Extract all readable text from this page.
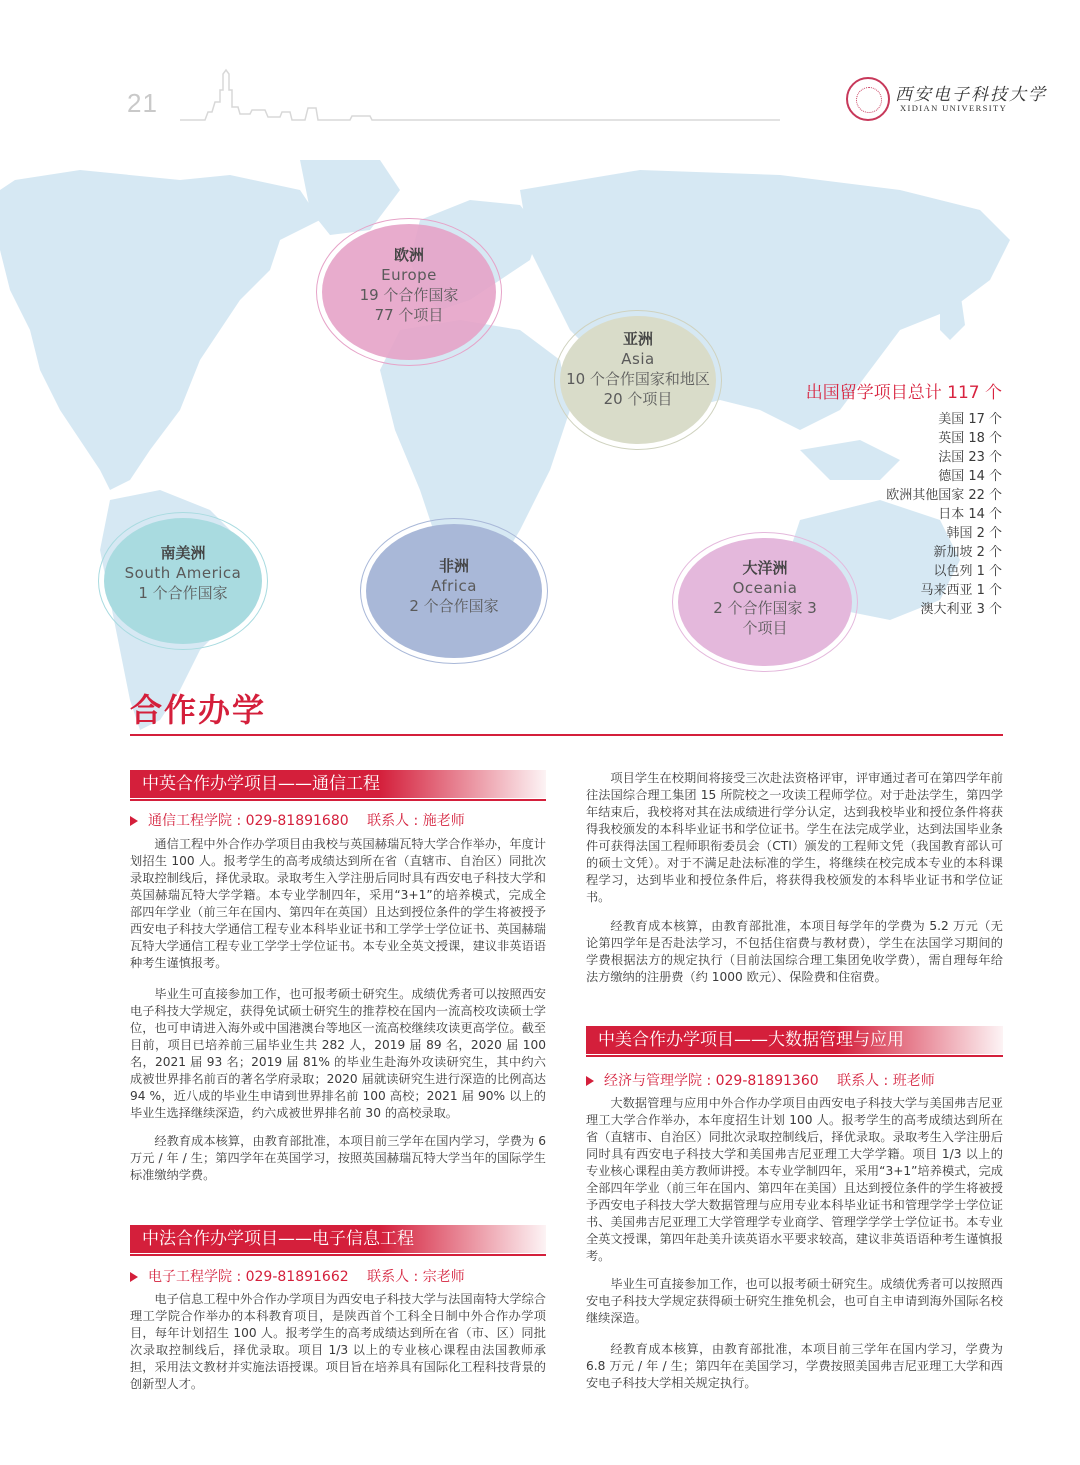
21	西安电子科技大学
XIDIAN UNIVERSITY
欧洲
Europe
19 个合作国家
77 个项目
亚洲
Asia
10 个合作国家和地区
20 个项目
南美洲
South America
1 个合作国家
非洲
Africa
2 个合作国家
大洋洲
Oceania
2 个合作国家 3
个项目
出国留学项目总计 117 个
美国 17 个
英国 18 个
法国 23 个
德国 14 个
欧洲其他国家 22 个
日本 14 个
韩国 2 个
新加坡 2 个
以色列 1 个
马来西亚 1 个
澳大利亚 3 个
合作办学
中英合作办学项目——通信工程
通信工程学院 : 029-81891680　 联系人 : 施老师
通信工程中外合作办学项目由我校与英国赫瑞瓦特大学合作举办，年度计划招生 100 人。报考学生的高考成绩达到所在省（直辖市、自治区）同批次录取控制线后，择优录取。录取考生入学注册后同时具有西安电子科技大学和英国赫瑞瓦特大学学籍。本专业学制四年，采用“3+1”的培养模式，完成全部四年学业（前三年在国内、第四年在英国）且达到授位条件的学生将被授予西安电子科技大学通信工程专业本科毕业证书和工学学士学位证书、英国赫瑞瓦特大学通信工程专业工学学士学位证书。本专业全英文授课，建议非英语语种考生谨慎报考。
毕业生可直接参加工作，也可报考硕士研究生。成绩优秀者可以按照西安电子科技大学规定，获得免试硕士研究生的推荐校在国内一流高校攻读硕士学位，也可申请进入海外或中国港澳台等地区一流高校继续攻读更高学位。截至目前，项目已培养前三届毕业生共 282 人，2019 届 89 名，2020 届 100 名，2021 届 93 名；2019 届 81% 的毕业生赴海外攻读研究生，其中约六成被世界排名前百的著名学府录取；2020 届就读研究生进行深造的比例高达 94 %，近八成的毕业生申请到世界排名前 100 高校；2021 届 90% 以上的毕业生选择继续深造，约六成被世界排名前 30 的高校录取。
经教育成本核算，由教育部批准，本项目前三学年在国内学习，学费为 6 万元 / 年 / 生；第四学年在英国学习，按照英国赫瑞瓦特大学当年的国际学生标准缴纳学费。
中法合作办学项目——电子信息工程
电子工程学院 : 029-81891662　 联系人 : 宗老师
电子信息工程中外合作办学项目为西安电子科技大学与法国南特大学综合理工学院合作举办的本科教育项目，是陕西首个工科全日制中外合作办学项目，每年计划招生 100 人。报考学生的高考成绩达到所在省（市、区）同批次录取控制线后，择优录取。项目 1/3 以上的专业核心课程由法国教师承担，采用法文教材并实施法语授课。项目旨在培养具有国际化工程科技背景的创新型人才。
项目学生在校期间将接受三次赴法资格评审，评审通过者可在第四学年前往法国综合理工集团 15 所院校之一攻读工程师学位。对于赴法学生，第四学年结束后，我校将对其在法成绩进行学分认定，达到我校毕业和授位条件将获得我校颁发的本科毕业证书和学位证书。学生在法完成学业，达到法国毕业条件可获得法国工程师职衔委员会（CTI）颁发的工程师文凭（我国教育部认可的硕士文凭）。对于不满足赴法标准的学生，将继续在校完成本专业的本科课程学习，达到毕业和授位条件后，将获得我校颁发的本科毕业证书和学位证书。
经教育成本核算，由教育部批准，本项目每学年的学费为 5.2 万元（无论第四学年是否赴法学习，不包括住宿费与教材费），学生在法国学习期间的学费根据法方的规定执行（目前法国综合理工集团免收学费），需自理每年给法方缴纳的注册费（约 1000 欧元）、保险费和住宿费。
中美合作办学项目——大数据管理与应用
经济与管理学院 : 029-81891360　 联系人 : 班老师
大数据管理与应用中外合作办学项目由西安电子科技大学与美国弗吉尼亚理工大学合作举办，本年度招生计划 100 人。报考学生的高考成绩达到所在省（直辖市、自治区）同批次录取控制线后，择优录取。录取考生入学注册后同时具有西安电子科技大学和美国弗吉尼亚理工大学学籍。项目 1/3 以上的专业核心课程由美方教师讲授。本专业学制四年，采用“3+1”培养模式，完成全部四年学业（前三年在国内、第四年在美国）且达到授位条件的学生将被授予西安电子科技大学大数据管理与应用专业本科毕业证书和管理学学士学位证书、美国弗吉尼亚理工大学管理学专业商学、管理学学学士学位证书。本专业全英文授课，第四年赴美升读英语水平要求较高，建议非英语语种考生谨慎报考。
毕业生可直接参加工作，也可以报考硕士研究生。成绩优秀者可以按照西安电子科技大学规定获得硕士研究生推免机会，也可自主申请到海外国际名校继续深造。
经教育成本核算，由教育部批准，本项目前三学年在国内学习，学费为 6.8 万元 / 年 / 生；第四年在美国学习，学费按照美国弗吉尼亚理工大学和西安电子科技大学相关规定执行。
